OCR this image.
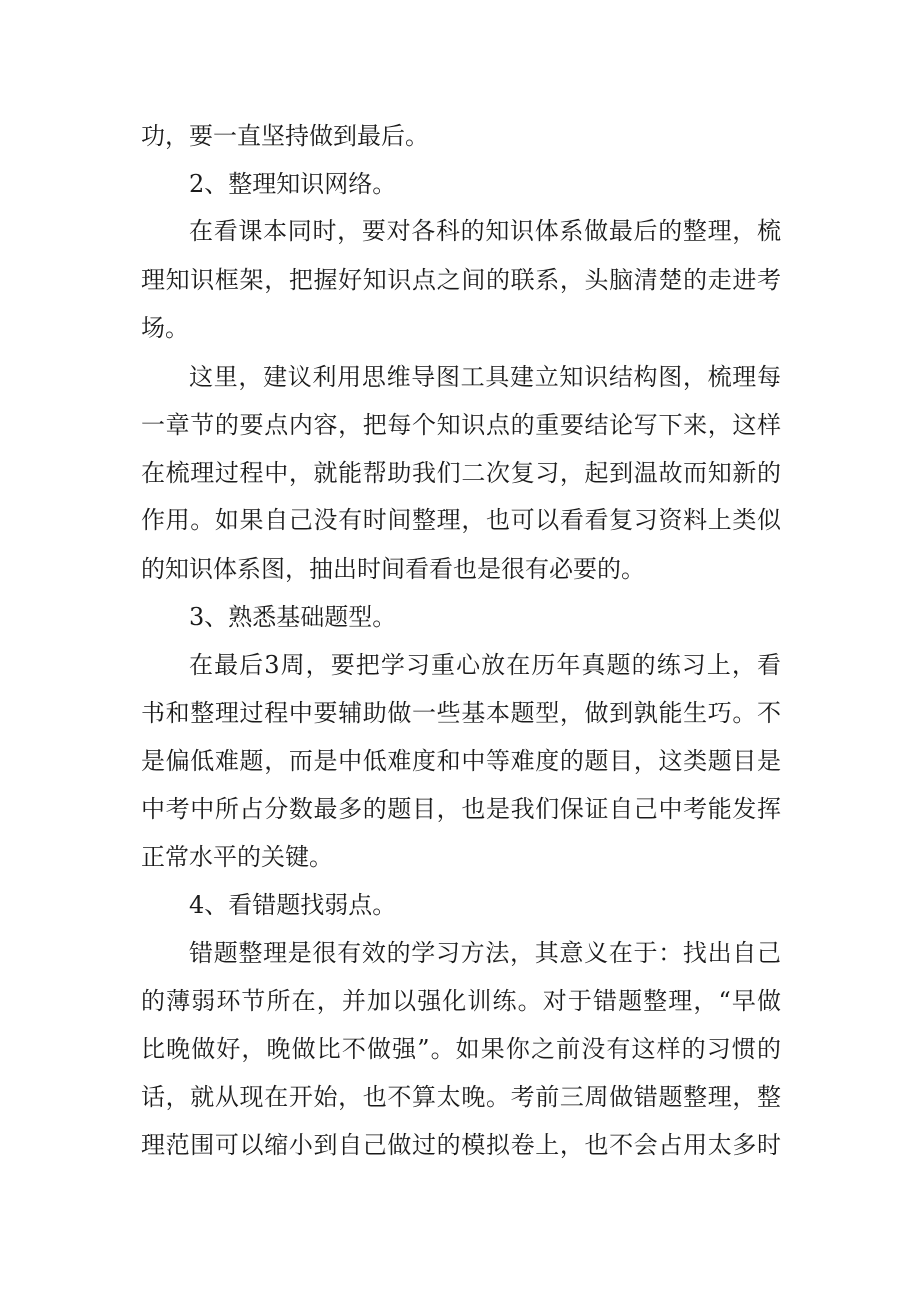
功，要一直坚持做到最后。
2、整理知识网络。
在看课本同时，要对各科的知识体系做最后的整理，梳
理知识框架，把握好知识点之间的联系，头脑清楚的走进考
场。
这里，建议利用思维导图工具建立知识结构图，梳理每
一章节的要点内容，把每个知识点的重要结论写下来，这样
在梳理过程中，就能帮助我们二次复习，起到温故而知新的
作用。如果自己没有时间整理，也可以看看复习资料上类似
的知识体系图，抽出时间看看也是很有必要的。
3、熟悉基础题型。
在最后3周，要把学习重心放在历年真题的练习上，看
书和整理过程中要辅助做一些基本题型，做到孰能生巧。不
是偏低难题，而是中低难度和中等难度的题目，这类题目是
中考中所占分数最多的题目，也是我们保证自己中考能发挥
正常水平的关键。
4、看错题找弱点。
错题整理是很有效的学习方法，其意义在于：找出自己
的薄弱环节所在，并加以强化训练。对于错题整理，“早做
比晚做好，晚做比不做强”。如果你之前没有这样的习惯的
话，就从现在开始，也不算太晚。考前三周做错题整理，整
理范围可以缩小到自己做过的模拟卷上，也不会占用太多时
